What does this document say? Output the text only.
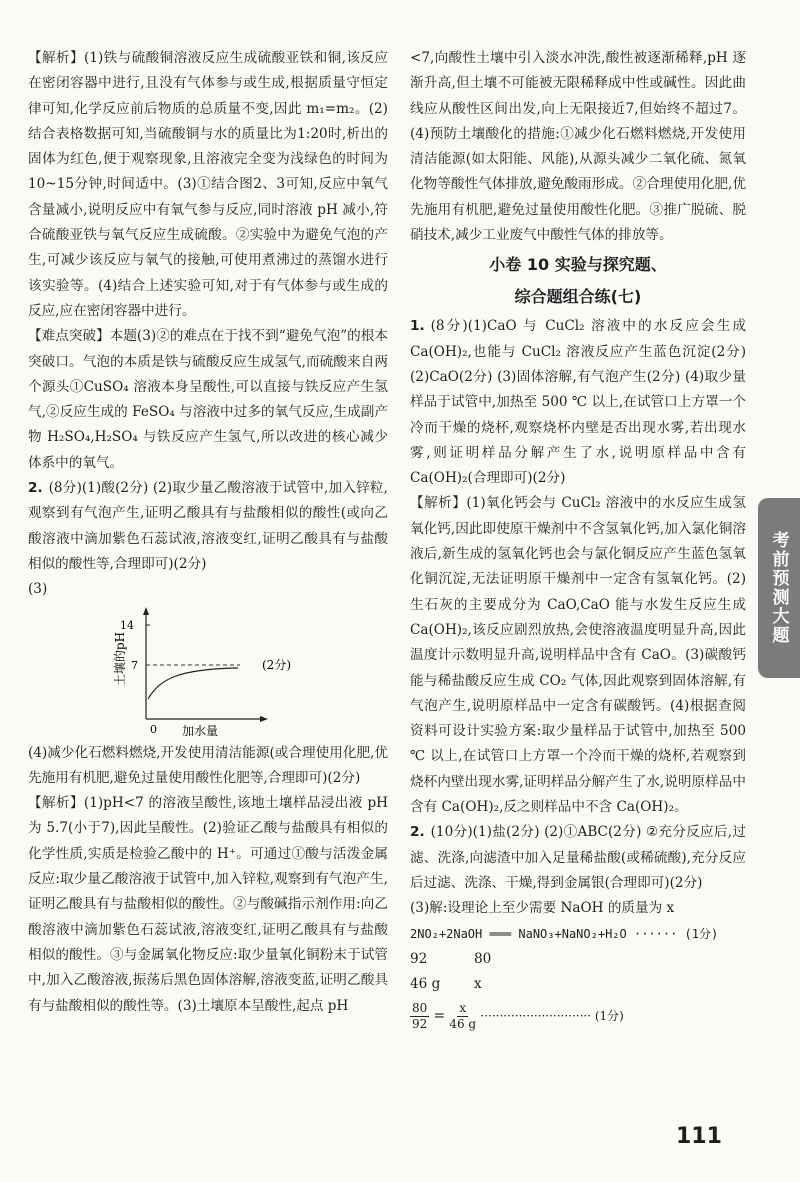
【解析】(1)铁与硫酸铜溶液反应生成硫酸亚铁和铜,该反应在密闭容器中进行,且没有气体参与或生成,根据质量守恒定律可知,化学反应前后物质的总质量不变,因此 m₁=m₂。(2)结合表格数据可知,当硫酸铜与水的质量比为1:20时,析出的固体为红色,便于观察现象,且溶液完全变为浅绿色的时间为10~15分钟,时间适中。(3)①结合图2、3可知,反应中氧气含量减小,说明反应中有氧气参与反应,同时溶液 pH 减小,符合硫酸亚铁与氧气反应生成硫酸。②实验中为避免气泡的产生,可减少该反应与氧气的接触,可使用煮沸过的蒸馏水进行该实验等。(4)结合上述实验可知,对于有气体参与或生成的反应,应在密闭容器中进行。

【难点突破】本题(3)②的难点在于找不到“避免气泡”的根本突破口。气泡的本质是铁与硫酸反应生成氢气,而硫酸来自两个源头①CuSO₄ 溶液本身呈酸性,可以直接与铁反应产生氢气,②反应生成的 FeSO₄ 与溶液中过多的氧气反应,生成副产物 H₂SO₄,H₂SO₄ 与铁反应产生氢气,所以改进的核心减少体系中的氧气。

2. (8分)(1)酸(2分) (2)取少量乙酸溶液于试管中,加入锌粒,观察到有气泡产生,证明乙酸具有与盐酸相似的酸性(或向乙酸溶液中滴加紫色石蕊试液,溶液变红,证明乙酸具有与盐酸相似的酸性等,合理即可)(2分)

(3)

土壤的pH
14
7
0 加水量
(2分)

(4)减少化石燃料燃烧,开发使用清洁能源(或合理使用化肥,优先施用有机肥,避免过量使用酸性化肥等,合理即可)(2分)

【解析】(1)pH<7 的溶液呈酸性,该地土壤样品浸出液 pH 为 5.7(小于7),因此呈酸性。(2)验证乙酸与盐酸具有相似的化学性质,实质是检验乙酸中的 H⁺。可通过①酸与活泼金属反应:取少量乙酸溶液于试管中,加入锌粒,观察到有气泡产生,证明乙酸具有与盐酸相似的酸性。②与酸碱指示剂作用:向乙酸溶液中滴加紫色石蕊试液,溶液变红,证明乙酸具有与盐酸相似的酸性。③与金属氧化物反应:取少量氧化铜粉末于试管中,加入乙酸溶液,振荡后黑色固体溶解,溶液变蓝,证明乙酸具有与盐酸相似的酸性等。(3)土壤原本呈酸性,起点 pH

<7,向酸性土壤中引入淡水冲洗,酸性被逐渐稀释,pH 逐渐升高,但土壤不可能被无限稀释成中性或碱性。因此曲线应从酸性区间出发,向上无限接近7,但始终不超过7。(4)预防土壤酸化的措施:①减少化石燃料燃烧,开发使用清洁能源(如太阳能、风能),从源头减少二氧化硫、氮氧化物等酸性气体排放,避免酸雨形成。②合理使用化肥,优先施用有机肥,避免过量使用酸性化肥。③推广脱硫、脱硝技术,减少工业废气中酸性气体的排放等。

小卷 10 实验与探究题、
综合题组合练(七)

1. (8分)(1)CaO 与 CuCl₂ 溶液中的水反应会生成 Ca(OH)₂,也能与 CuCl₂ 溶液反应产生蓝色沉淀(2分) (2)CaO(2分) (3)固体溶解,有气泡产生(2分) (4)取少量样品于试管中,加热至 500 ℃ 以上,在试管口上方罩一个冷而干燥的烧杯,观察烧杯内壁是否出现水雾,若出现水雾,则证明样品分解产生了水,说明原样品中含有 Ca(OH)₂(合理即可)(2分)

【解析】(1)氧化钙会与 CuCl₂ 溶液中的水反应生成氢氧化钙,因此即使原干燥剂中不含氢氧化钙,加入氯化铜溶液后,新生成的氢氧化钙也会与氯化铜反应产生蓝色氢氧化铜沉淀,无法证明原干燥剂中一定含有氢氧化钙。(2)生石灰的主要成分为 CaO,CaO 能与水发生反应生成 Ca(OH)₂,该反应剧烈放热,会使溶液温度明显升高,因此温度计示数明显升高,说明样品中含有 CaO。(3)碳酸钙能与稀盐酸反应生成 CO₂ 气体,因此观察到固体溶解,有气泡产生,说明原样品中一定含有碳酸钙。(4)根据查阅资料可设计实验方案:取少量样品于试管中,加热至 500 ℃ 以上,在试管口上方罩一个冷而干燥的烧杯,若观察到烧杯内壁出现水雾,证明样品分解产生了水,说明原样品中含有 Ca(OH)₂,反之则样品中不含 Ca(OH)₂。

2. (10分)(1)盐(2分) (2)①ABC(2分) ②充分反应后,过滤、洗涤,向滤渣中加入足量稀盐酸(或稀硫酸),充分反应后过滤、洗涤、干燥,得到金属银(合理即可)(2分)

(3)解:设理论上至少需要 NaOH 的质量为 x

2NO₂+2NaOH ═══ NaNO₃+NaNO₂+H₂O ······ (1分)
92	80
46 g	x
$\frac{80}{92} = \frac{x}{46 g}$ ····························· (1分)
考前预测大题
111
